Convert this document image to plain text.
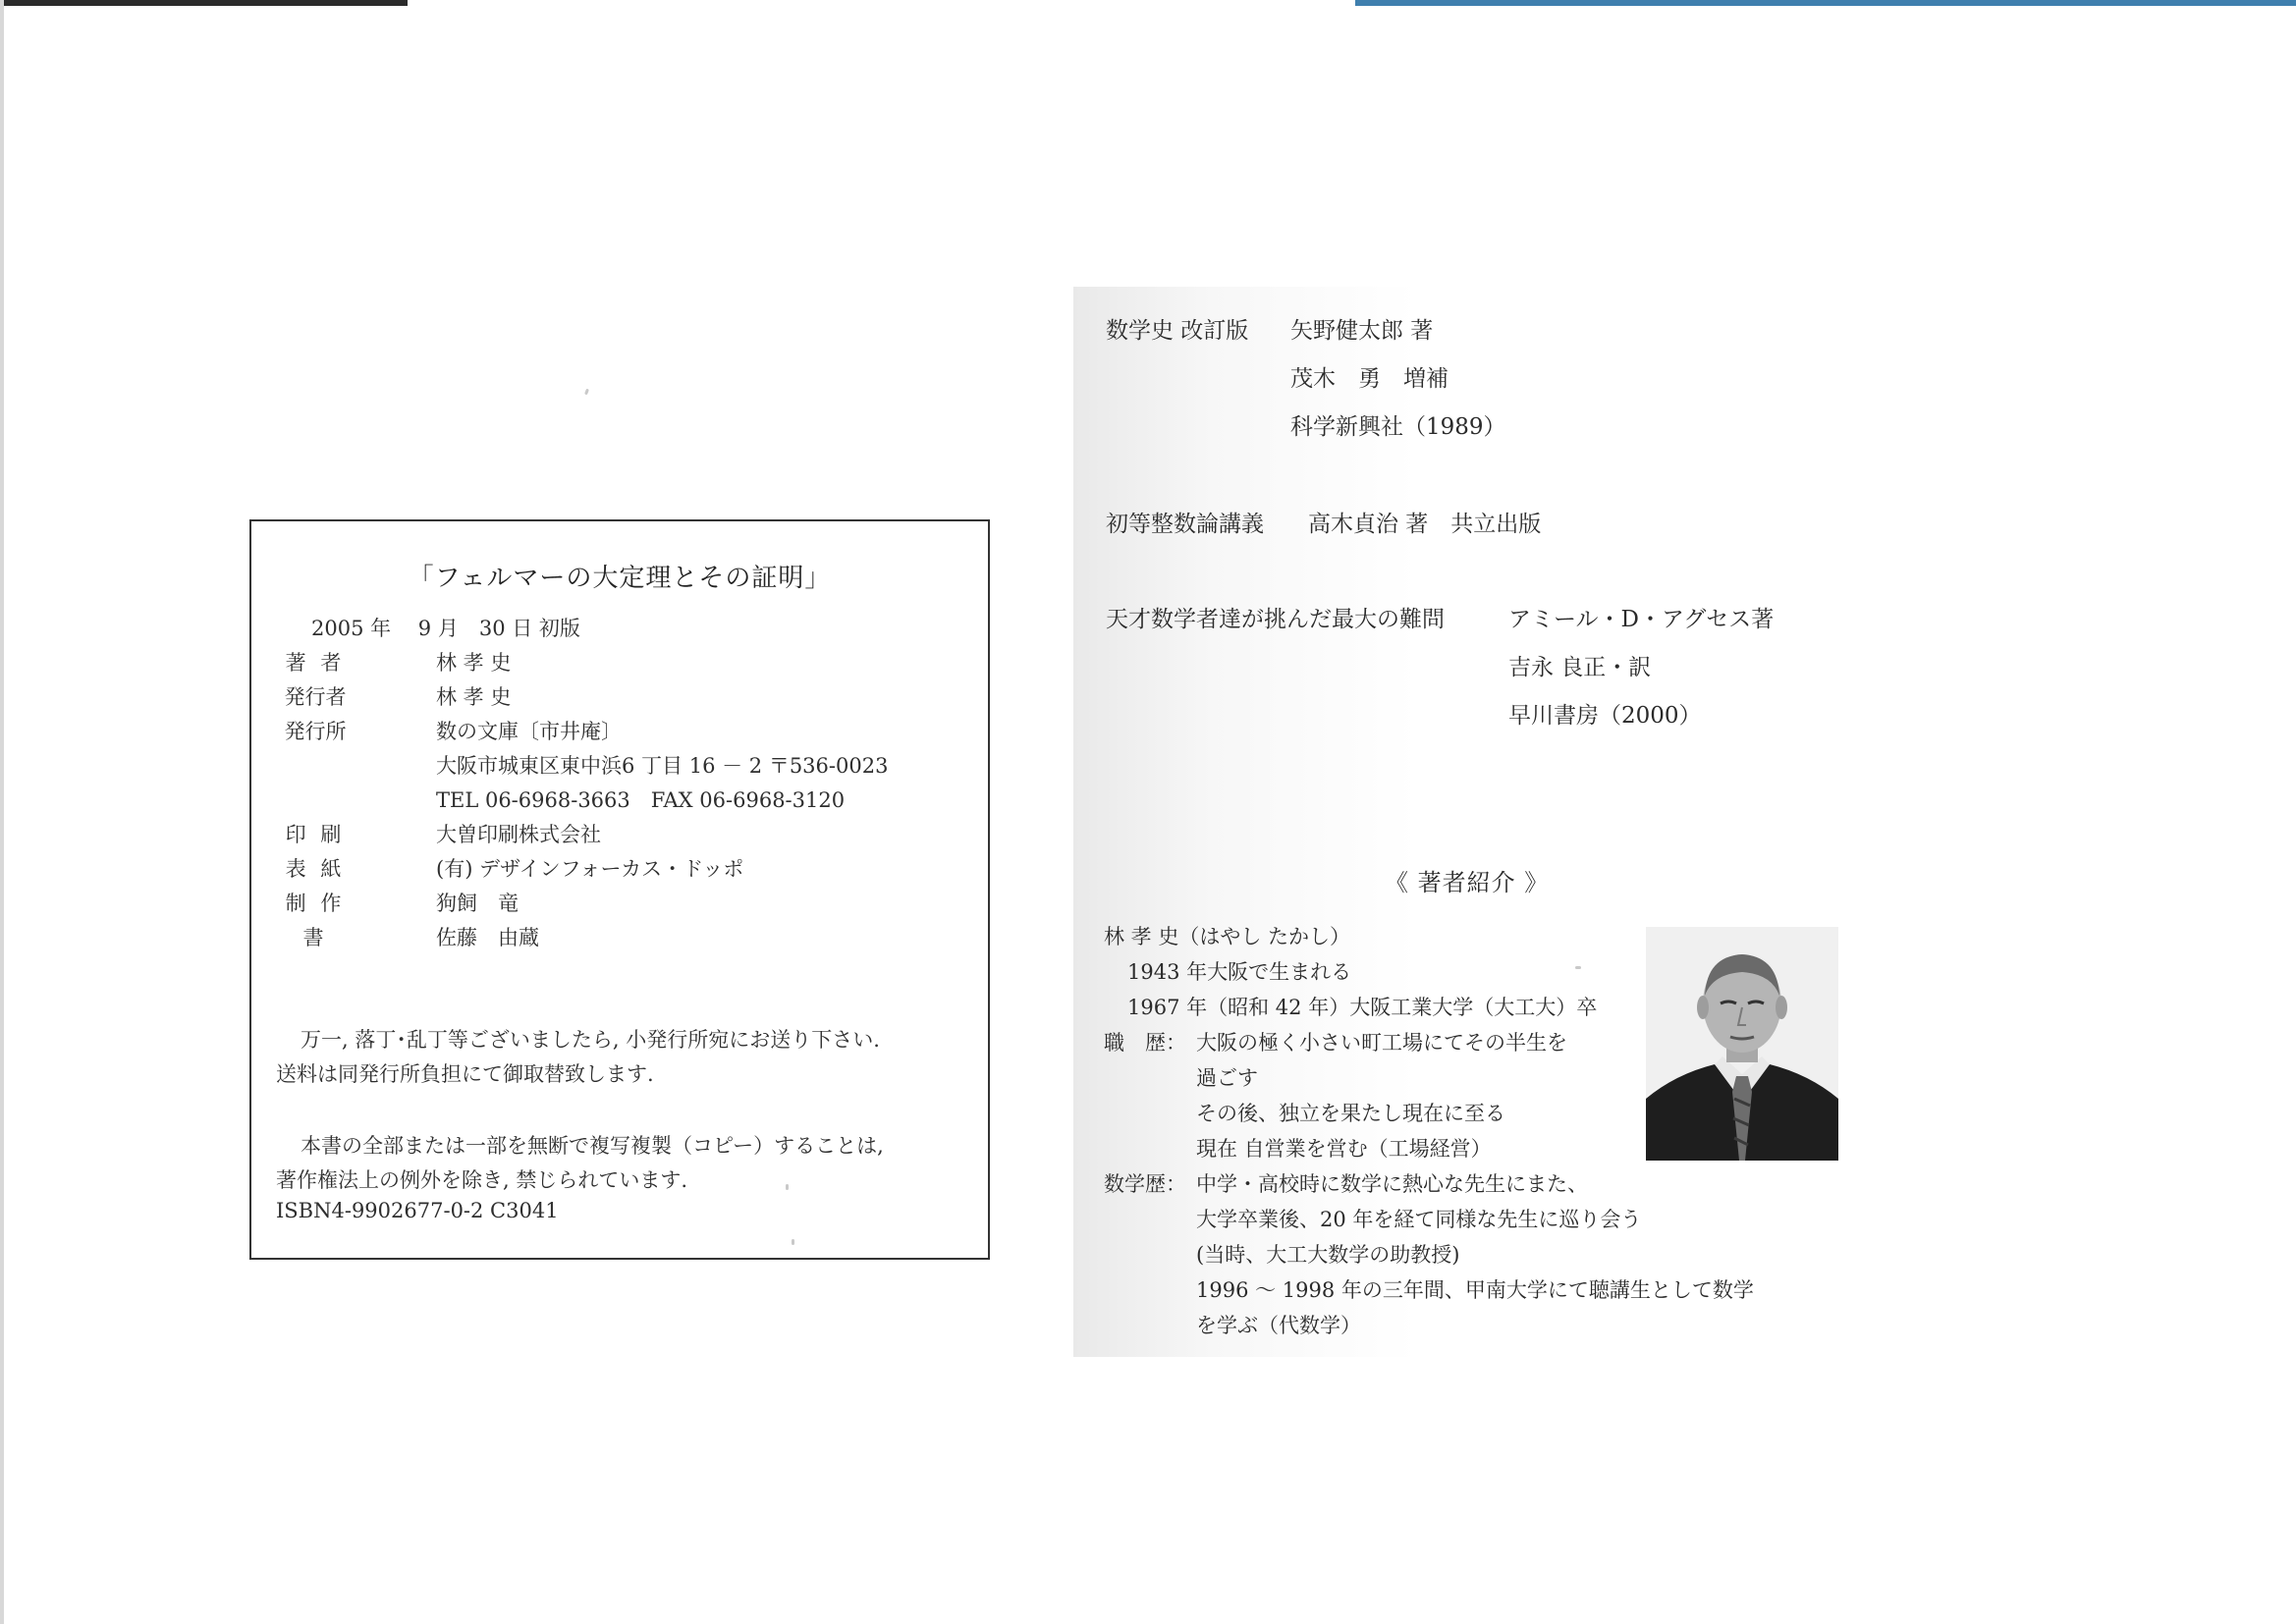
「フェルマーの大定理とその証明」
2005 年　 9 月　30 日 初版
著 者	林 孝 史
発行者	林 孝 史
発行所	数の文庫〔市井庵〕
大阪市城東区東中浜6 丁目 16 － 2 〒536-0023
TEL 06-6968-3663　FAX 06-6968-3120
印 刷	大曽印刷株式会社
表 紙	(有) デザインフォーカス・ドッポ
制 作	狗飼　竜
書	佐藤　由蔵
万一, 落丁･乱丁等ございましたら, 小発行所宛にお送り下さい.
送料は同発行所負担にて御取替致します.
本書の全部または一部を無断で複写複製（コピー）することは,
著作権法上の例外を除き, 禁じられています.
ISBN4-9902677-0-2 C3041
数学史 改訂版 矢野健太郎 著
茂木　勇　増補
科学新興社（1989）
初等整数論講義 高木貞治 著　共立出版
天才数学者達が挑んだ最大の難問	アミール・D・アグセス著
吉永 良正・訳
早川書房（2000）
《 著者紹介 》
林 孝 史（はやし たかし）
1943 年大阪で生まれる
1967 年（昭和 42 年）大阪工業大学（大工大）卒
職　歴： 大阪の極く小さい町工場にてその半生を
過ごす
その後、独立を果たし現在に至る
現在 自営業を営む（工場経営）
数学歴： 中学・高校時に数学に熱心な先生にまた、
大学卒業後、20 年を経て同様な先生に巡り会う
(当時、大工大数学の助教授)
1996 ～ 1998 年の三年間、甲南大学にて聴講生として数学
を学ぶ（代数学）
